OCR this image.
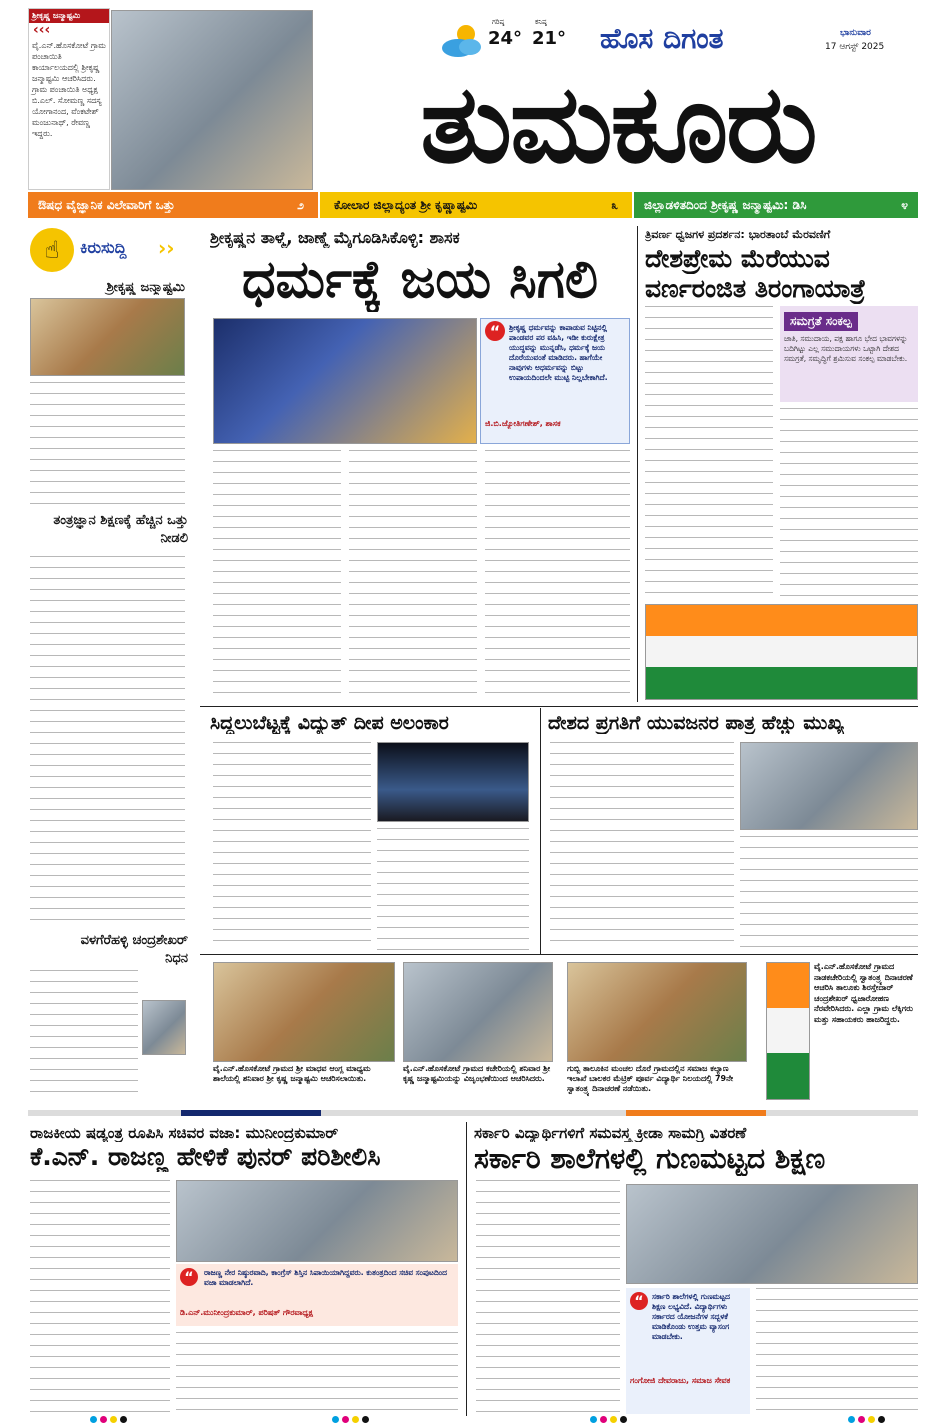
ಶ್ರೀಕೃಷ್ಣ ಜನ್ಮಾಷ್ಟಮಿ
‹‹‹
ವೈ.ಎನ್.ಹೊಸಕೋಟೆ ಗ್ರಾಮ ಪಂಚಾಯಿತಿ ಕಾರ್ಯಾಲಯದಲ್ಲಿ ಶ್ರೀಕೃಷ್ಣ ಜನ್ಮಾಷ್ಟಮಿ ಆಚರಿಸಿದರು. ಗ್ರಾಮ ಪಂಚಾಯಿತಿ ಅಧ್ಯಕ್ಷ ಬಿ.ಎಲ್. ಸೋಮಣ್ಣ ಸದಸ್ಯ ಯೋಗಾನಂದ, ವೆಂಕಟೇಶ್ ಮಂಜುನಾಥ್, ರೇವಣ್ಣ ಇದ್ದರು.
ಗರಿಷ್ಠ
24°
ಕನಿಷ್ಠ
21° ಹೊಸ ದಿಗಂತ	ಭಾನುವಾರ
17 ಆಗಸ್ಟ್ 2025
ತುಮಕೂರು
ಔಷಧ ವೈಜ್ಞಾನಿಕ ವಿಲೇವಾರಿಗೆ ಒತ್ತು	೨	ಕೋಲಾರ ಜಿಲ್ಲಾದ್ಯಂತ ಶ್ರೀ ಕೃಷ್ಣಾಷ್ಟಮಿ	೩	ಜಿಲ್ಲಾಡಳಿತದಿಂದ ಶ್ರೀಕೃಷ್ಣ ಜನ್ಮಾಷ್ಟಮಿ: ಡಿಸಿ	೪
☝	ಕಿರುಸುದ್ದಿ ››
ಶ್ರೀಕೃಷ್ಣ ಜನ್ಮಾಷ್ಟಮಿ
ತಂತ್ರಜ್ಞಾನ ಶಿಕ್ಷಣಕ್ಕೆ ಹೆಚ್ಚಿನ ಒತ್ತು ನೀಡಲಿ
ವಳಗೆರೆಹಳ್ಳಿ ಚಂದ್ರಶೇಖರ್ ನಿಧನ
ಶ್ರೀಕೃಷ್ಣನ ತಾಳ್ಮೆ, ಜಾಣ್ಮೆ ಮೈಗೂಡಿಸಿಕೊಳ್ಳಿ: ಶಾಸಕ
ಧರ್ಮಕ್ಕೆ ಜಯ ಸಿಗಲಿ
“	ಶ್ರೀಕೃಷ್ಣ ಧರ್ಮವನ್ನು ಕಾಪಾಡುವ ನಿಟ್ಟಿನಲ್ಲಿ ಪಾಂಡವರ ಪರ ವಹಿಸಿ, ಇಡೀ ಕುರುಕ್ಷೇತ್ರ ಯುದ್ಧವನ್ನು ಮುನ್ನಡೆಸಿ, ಧರ್ಮಕ್ಕೆ ಜಯ ದೊರೆಯುವಂತೆ ಮಾಡಿದರು. ಹಾಗೆಯೇ ನಾವುಗಳು ಅಧರ್ಮವನ್ನು ಬಿಟ್ಟು ಉಪಾಯದಿಂದಲೇ ಮುಟ್ಟಿ ನಿಲ್ಲಬೇಕಾಗಿದೆ.
ಜಿ.ಬಿ.ಜ್ಯೋತಿಗಣೇಶ್, ಶಾಸಕ
ತ್ರಿವರ್ಣ ಧ್ವಜಗಳ ಪ್ರದರ್ಶನ: ಭಾರತಾಂಬೆ ಮೆರವಣಿಗೆ
ದೇಶಪ್ರೇಮ ಮೆರೆಯುವ
ವರ್ಣರಂಜಿತ ತಿರಂಗಾಯಾತ್ರೆ
ಸಮಗ್ರತೆ ಸಂಕಲ್ಪ
ಜಾತಿ, ಸಮುದಾಯ, ಪಕ್ಷ ಹಾಗೂ ಭೇದ ಭಾವಗಳನ್ನು ಬದಿಗಿಟ್ಟು ಎಲ್ಲ ಸಮುದಾಯಗಳು ಒಟ್ಟಾಗಿ ದೇಶದ ಸಮಗ್ರತೆ, ಸಮೃದ್ಧಿಗೆ ಶ್ರಮಿಸುವ ಸಂಕಲ್ಪ ಮಾಡಬೇಕು.
ಸಿದ್ದಲುಬೆಟ್ಟಕ್ಕೆ ವಿದ್ಯುತ್ ದೀಪ ಅಲಂಕಾರ	ದೇಶದ ಪ್ರಗತಿಗೆ ಯುವಜನರ ಪಾತ್ರ ಹೆಚ್ಚು ಮುಖ್ಯ
ವೈ.ಎನ್.ಹೊಸಕೋಟೆ ಗ್ರಾಮದ ಶ್ರೀ ಮಾಧವ ಆಂಗ್ಲ ಮಾಧ್ಯಮ ಶಾಲೆಯಲ್ಲಿ ಶನಿವಾರ ಶ್ರೀ ಕೃಷ್ಣ ಜನ್ಮಾಷ್ಟಮಿ ಆಚರಿಸಲಾಯಿತು.
ವೈ.ಎನ್.ಹೊಸಕೋಟೆ ಗ್ರಾಮದ ಕಚೇರಿಯಲ್ಲಿ ಶನಿವಾರ ಶ್ರೀ ಕೃಷ್ಣ ಜನ್ಮಾಷ್ಟಮಿಯನ್ನು ವಿಜೃಂಭಣೆಯಿಂದ ಆಚರಿಸಿದರು.
ಗುಬ್ಬಿ ತಾಲೂಕಿನ ಮಂಚಲ ದೊರೆ ಗ್ರಾಮದಲ್ಲಿನ ಸಮಾಜ ಕಲ್ಯಾಣ ಇಲಾಖೆ ಬಾಲಕರ ಮೆಟ್ರಿಕ್ ಪೂರ್ವ ವಿದ್ಯಾರ್ಥಿ ನಿಲಯದಲ್ಲಿ 79ನೇ ಸ್ವಾತಂತ್ರ್ಯ ದಿನಾಚರಣೆ ನಡೆಯಿತು.
ವೈ.ಎನ್.ಹೊಸಕೋಟೆ ಗ್ರಾಮದ ನಾಡಕಚೇರಿಯಲ್ಲಿ ಸ್ವಾತಂತ್ರ್ಯ ದಿನಾಚರಣೆ ಆಚರಿಸಿ ತಾಲೂಕು ಶಿರಸ್ತೇದಾರ್ ಚಂದ್ರಶೇಖರ್ ಧ್ವಜಾರೋಹಣ ನೆರವೇರಿಸಿದರು. ಎಲ್ಲಾ ಗ್ರಾಮ ಲೆಕ್ಕಿಗರು ಮತ್ತು ಸಹಾಯಕರು ಹಾಜರಿದ್ದರು.
ರಾಜಕೀಯ ಷಡ್ಯಂತ್ರ ರೂಪಿಸಿ ಸಚಿವರ ವಜಾ: ಮುನೀಂದ್ರಕುಮಾರ್
ಕೆ.ಎನ್. ರಾಜಣ್ಣ ಹೇಳಿಕೆ ಪುನರ್ ಪರಿಶೀಲಿಸಿ
“	ರಾಜಣ್ಣ ನೇರ ನಿಷ್ಠುರವಾದಿ, ಕಾಂಗ್ರೆಸ್ ಶಿಸ್ತಿನ ಸಿಪಾಯಿಯಾಗಿದ್ದವರು. ಕುತಂತ್ರದಿಂದ ಸಚಿವ ಸಂಪುಟದಿಂದ ವಜಾ ಮಾಡಲಾಗಿದೆ.
ಡಿ.ಎನ್.ಮುನೀಂದ್ರಕುಮಾರ್, ಪರಿಷತ್ ಗೌರವಾಧ್ಯಕ್ಷ
ಸರ್ಕಾರಿ ವಿದ್ಯಾರ್ಥಿಗಳಿಗೆ ಸಮವಸ್ತ್ರ ಕ್ರೀಡಾ ಸಾಮಗ್ರಿ ವಿತರಣೆ
ಸರ್ಕಾರಿ ಶಾಲೆಗಳಲ್ಲಿ ಗುಣಮಟ್ಟದ ಶಿಕ್ಷಣ
“	ಸರ್ಕಾರಿ ಶಾಲೆಗಳಲ್ಲಿ ಗುಣಮಟ್ಟದ ಶಿಕ್ಷಣ ಲಭ್ಯವಿದೆ. ವಿದ್ಯಾರ್ಥಿಗಳು ಸರ್ಕಾರದ ಯೋಜನೆಗಳ ಸದ್ಬಳಕೆ ಮಾಡಿಕೊಂಡು ಉತ್ತಮ ವ್ಯಾಸಂಗ ಮಾಡಬೇಕು.
ಗಂಗೋಜಿ ದೇವರಾಜು, ಸಮಾಜ ಸೇವಕ
